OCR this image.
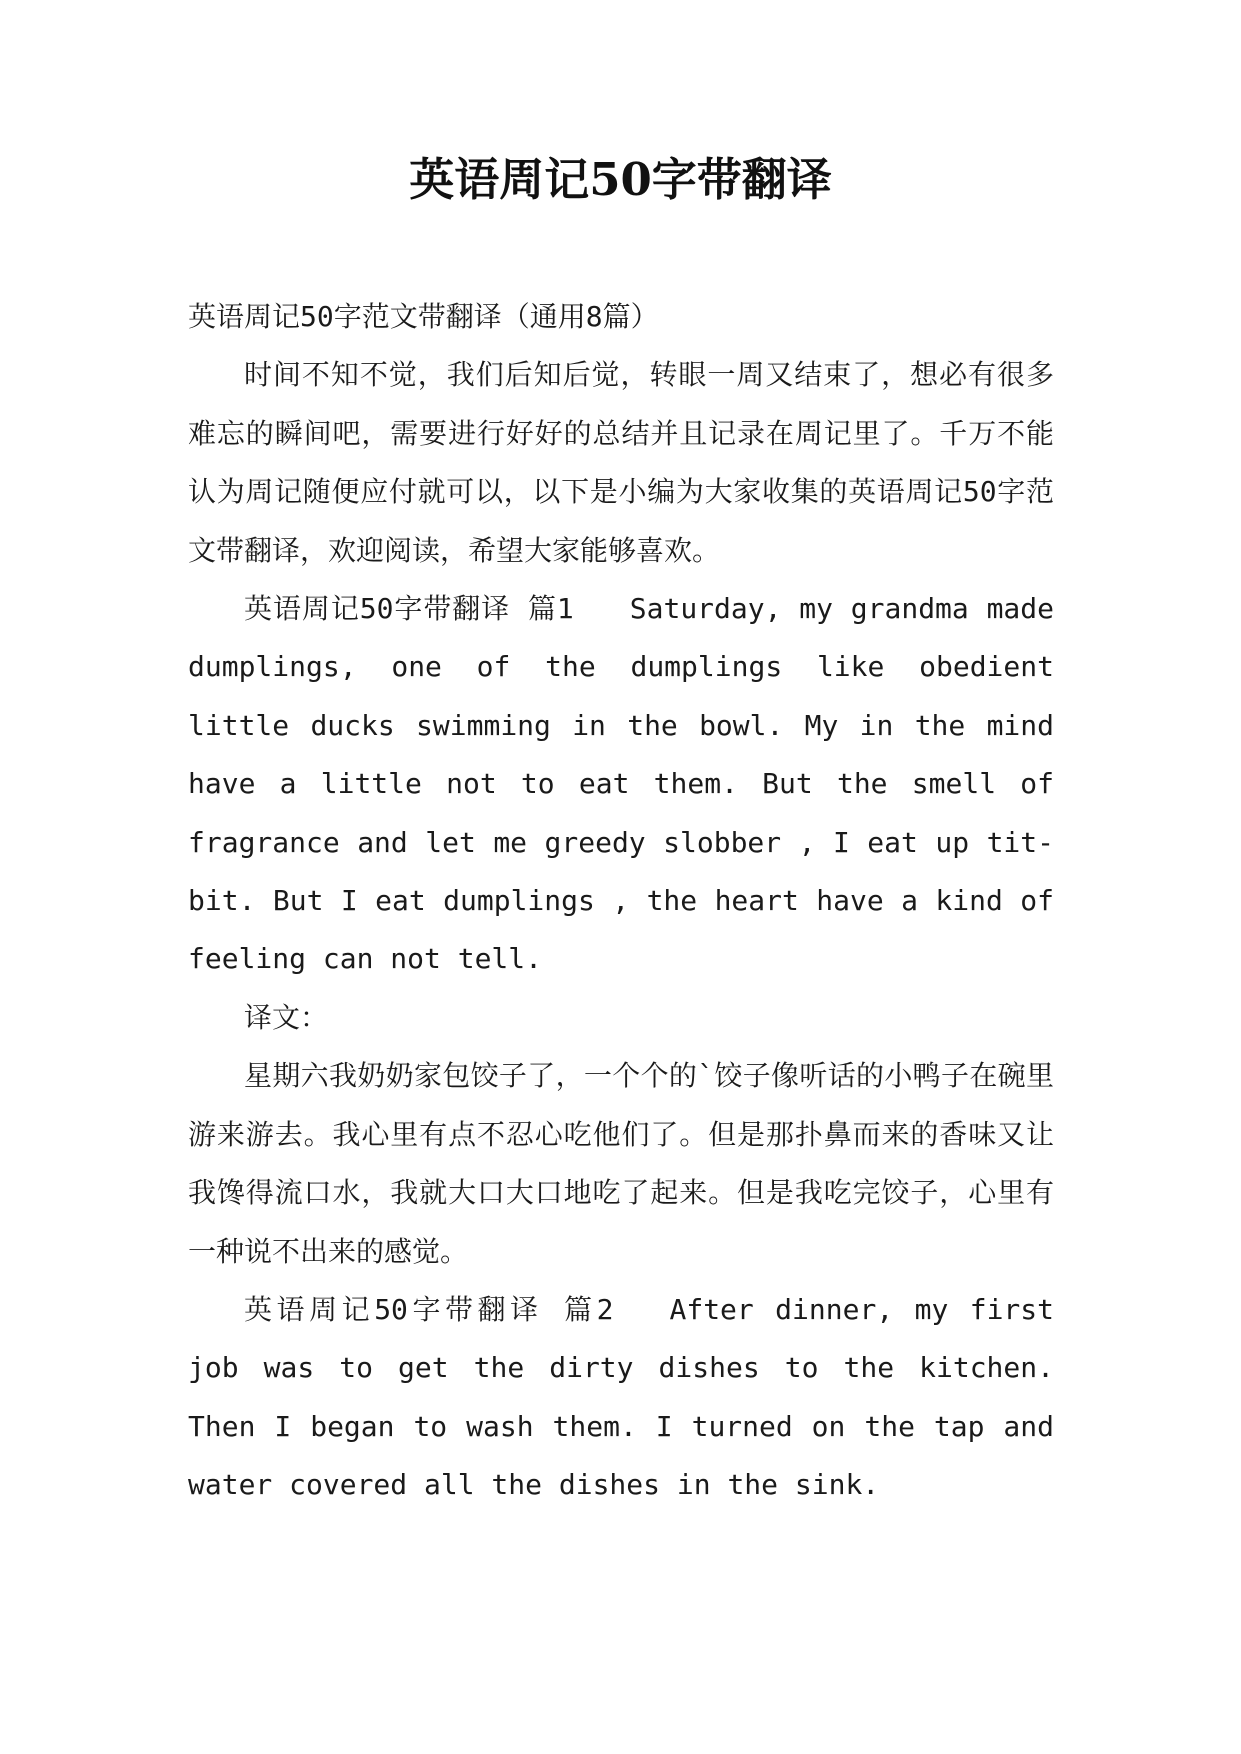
英语周记50字带翻译

英语周记50字范文带翻译（通用8篇）

时间不知不觉，我们后知后觉，转眼一周又结束了，想必有很多难忘的瞬间吧，需要进行好好的总结并且记录在周记里了。千万不能认为周记随便应付就可以，以下是小编为大家收集的英语周记50字范文带翻译，欢迎阅读，希望大家能够喜欢。

英语周记50字带翻译 篇1 Saturday, my grandma made dumplings, one of the dumplings like obedient little ducks swimming in the bowl. My in the mind have a little not to eat them. But the smell of fragrance and let me greedy slobber , I eat up tit-bit. But I eat dumplings , the heart have a kind of feeling can not tell.

译文：

星期六我奶奶家包饺子了，一个个的`饺子像听话的小鸭子在碗里游来游去。我心里有点不忍心吃他们了。但是那扑鼻而来的香味又让我馋得流口水，我就大口大口地吃了起来。但是我吃完饺子，心里有一种说不出来的感觉。

英语周记50字带翻译 篇2 After dinner, my first job was to get the dirty dishes to the kitchen. Then I began to wash them. I turned on the tap and water covered all the dishes in the sink.
